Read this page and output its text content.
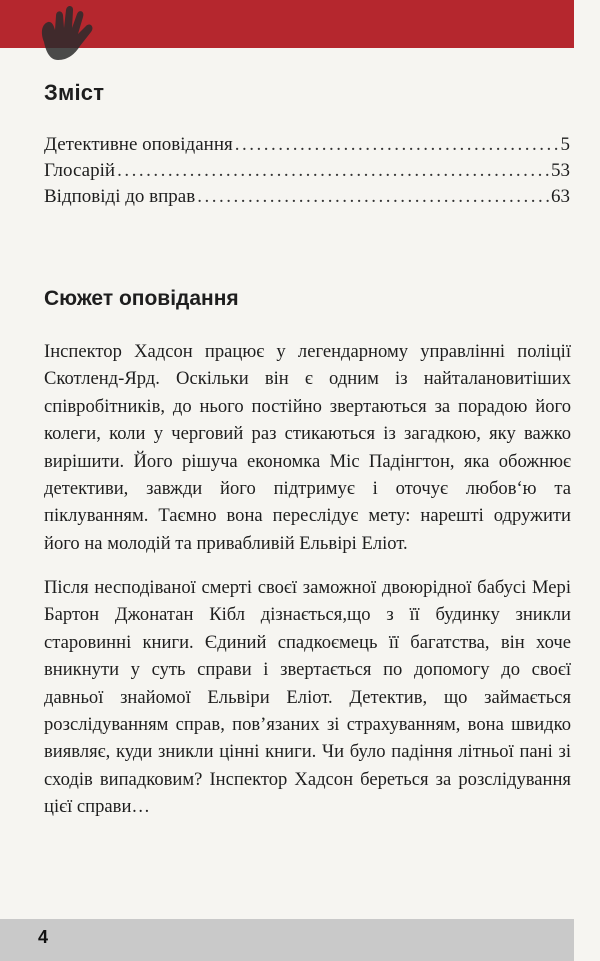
Зміст
Детективне оповідання .....	5
Глосарій .....	53
Відповіді до вправ .....	63
Сюжет оповідання

Інспектор Хадсон працює у легендарному управлінні поліції Скотленд-Ярд. Оскільки він є одним із найталановитіших співробітників, до нього постійно звертаються за порадою його колеги, коли у черговий раз стикаються із загадкою, яку важко вирішити. Його рішуча економка Міс Падінгтон, яка обожнює детективи, завжди його підтримує і оточує любов‘ю та піклуванням. Таємно вона переслідує мету: нарешті одружити його на молодій та привабливій Ельвірі Еліот.

Після несподіваної смерті своєї заможної двоюрідної бабусі Мері Бартон Джонатан Кібл дізнається,що з її будинку зникли старовинні книги. Єдиний спадкоємець її багатства, він хоче вникнути у суть справи і звертається по допомогу до своєї давньої знайомої Ельвіри Еліот. Детектив, що займається розслідуванням справ, пов’язаних зі страхуванням, вона швидко виявляє, куди зникли цінні книги. Чи було падіння літньої пані зі сходів випадковим? Інспектор Хадсон береться за розслідування цієї справи…

4
